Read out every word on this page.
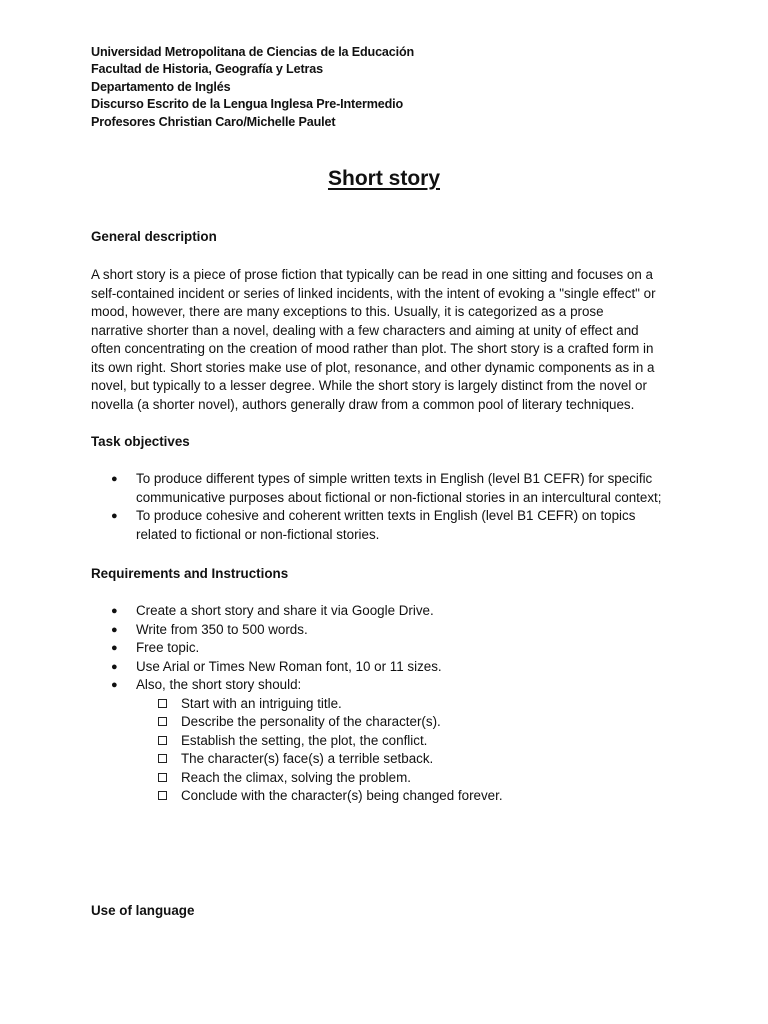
Universidad Metropolitana de Ciencias de la Educación
Facultad de Historia, Geografía y Letras
Departamento de Inglés
Discurso Escrito de la Lengua Inglesa Pre-Intermedio
Profesores Christian Caro/Michelle Paulet
Short story
General description
A short story is a piece of prose fiction that typically can be read in one sitting and focuses on a
self-contained incident or series of linked incidents, with the intent of evoking a "single effect" or
mood, however, there are many exceptions to this. Usually, it is categorized as a prose
narrative shorter than a novel, dealing with a few characters and aiming at unity of effect and
often concentrating on the creation of mood rather than plot. The short story is a crafted form in
its own right. Short stories make use of plot, resonance, and other dynamic components as in a
novel, but typically to a lesser degree. While the short story is largely distinct from the novel or
novella (a shorter novel), authors generally draw from a common pool of literary techniques.
Task objectives
● To produce different types of simple written texts in English (level B1 CEFR) for specific
communicative purposes about fictional or non-fictional stories in an intercultural context;
● To produce cohesive and coherent written texts in English (level B1 CEFR) on topics
related to fictional or non-fictional stories.
Requirements and Instructions
● Create a short story and share it via Google Drive.
● Write from 350 to 500 words.
● Free topic.
● Use Arial or Times New Roman font, 10 or 11 sizes.
● Also, the short story should:
Start with an intriguing title.
Describe the personality of the character(s).
Establish the setting, the plot, the conflict.
The character(s) face(s) a terrible setback.
Reach the climax, solving the problem.
Conclude with the character(s) being changed forever.
Use of language
